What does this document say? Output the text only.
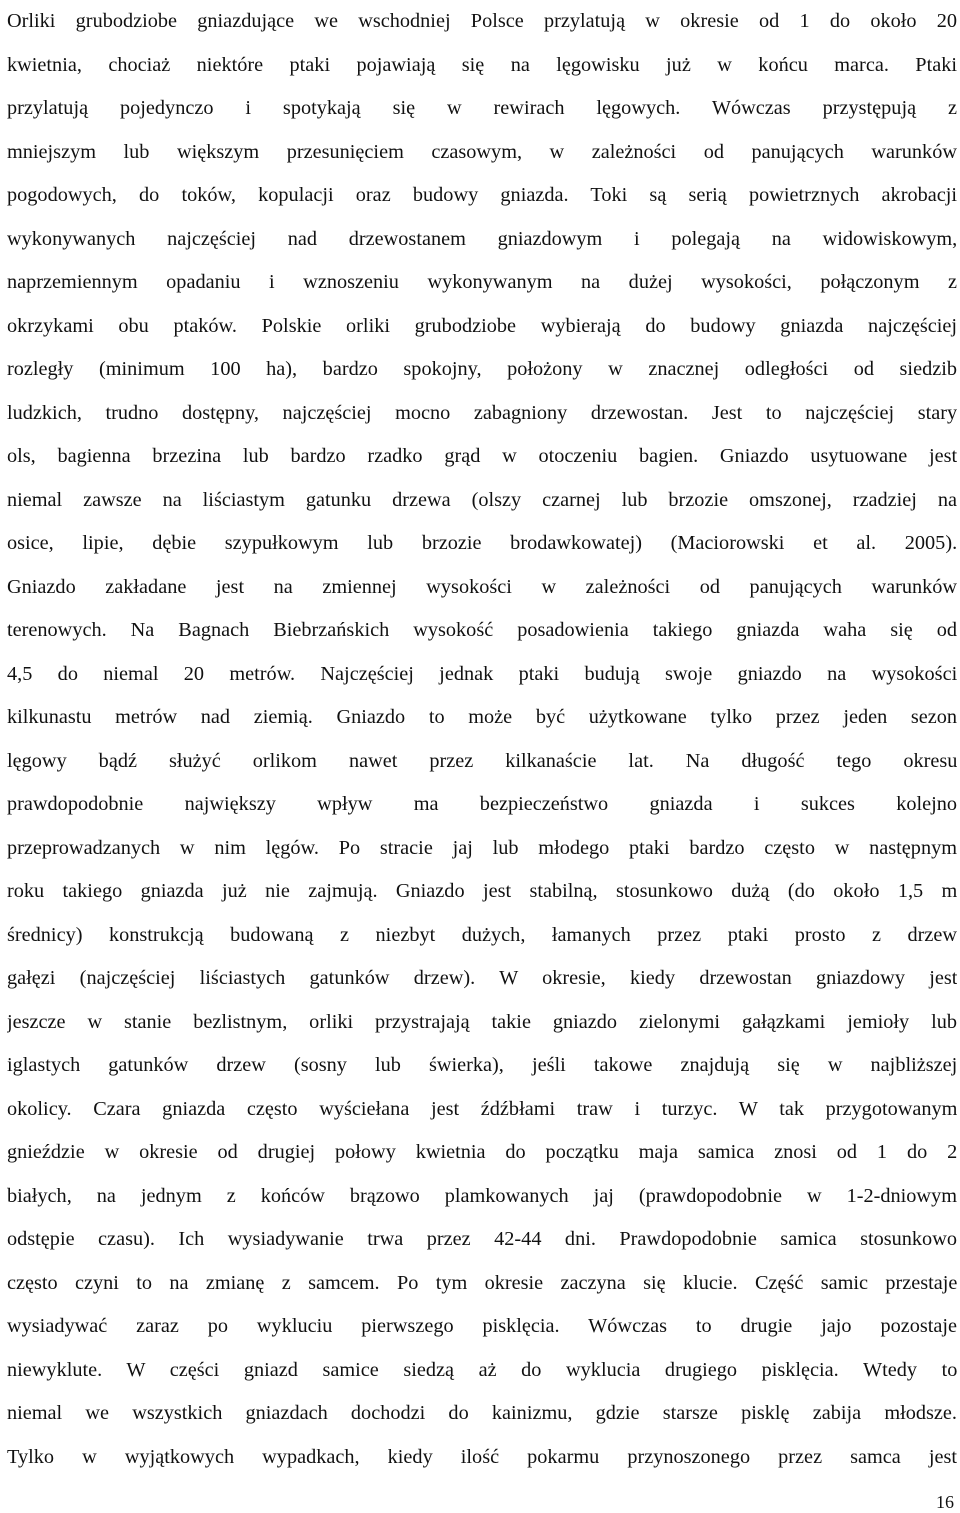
Orliki grubodziobe gniazdujące we wschodniej Polsce przylatują w okresie od 1 do około 20
kwietnia, chociaż niektóre ptaki pojawiają się na lęgowisku już w końcu marca. Ptaki
przylatują pojedynczo i spotykają się w rewirach lęgowych. Wówczas przystępują z
mniejszym lub większym przesunięciem czasowym, w zależności od panujących warunków
pogodowych, do toków, kopulacji oraz budowy gniazda. Toki są serią powietrznych akrobacji
wykonywanych najczęściej nad drzewostanem gniazdowym i polegają na widowiskowym,
naprzemiennym opadaniu i wznoszeniu wykonywanym na dużej wysokości, połączonym z
okrzykami obu ptaków. Polskie orliki grubodziobe wybierają do budowy gniazda najczęściej
rozległy (minimum 100 ha), bardzo spokojny, położony w znacznej odległości od siedzib
ludzkich, trudno dostępny, najczęściej mocno zabagniony drzewostan. Jest to najczęściej stary
ols, bagienna brzezina lub bardzo rzadko grąd w otoczeniu bagien. Gniazdo usytuowane jest
niemal zawsze na liściastym gatunku drzewa (olszy czarnej lub brzozie omszonej, rzadziej na
osice, lipie, dębie szypułkowym lub brzozie brodawkowatej) (Maciorowski et al. 2005).
Gniazdo zakładane jest na zmiennej wysokości w zależności od panujących warunków
terenowych. Na Bagnach Biebrzańskich wysokość posadowienia takiego gniazda waha się od
4,5 do niemal 20 metrów. Najczęściej jednak ptaki budują swoje gniazdo na wysokości
kilkunastu metrów nad ziemią. Gniazdo to może być użytkowane tylko przez jeden sezon
lęgowy bądź służyć orlikom nawet przez kilkanaście lat. Na długość tego okresu
prawdopodobnie największy wpływ ma bezpieczeństwo gniazda i sukces kolejno
przeprowadzanych w nim lęgów. Po stracie jaj lub młodego ptaki bardzo często w następnym
roku takiego gniazda już nie zajmują. Gniazdo jest stabilną, stosunkowo dużą (do około 1,5 m
średnicy) konstrukcją budowaną z niezbyt dużych, łamanych przez ptaki prosto z drzew
gałęzi (najczęściej liściastych gatunków drzew). W okresie, kiedy drzewostan gniazdowy jest
jeszcze w stanie bezlistnym, orliki przystrajają takie gniazdo zielonymi gałązkami jemioły lub
iglastych gatunków drzew (sosny lub świerka), jeśli takowe znajdują się w najbliższej
okolicy. Czara gniazda często wyściełana jest źdźbłami traw i turzyc. W tak przygotowanym
gnieździe w okresie od drugiej połowy kwietnia do początku maja samica znosi od 1 do 2
białych, na jednym z końców brązowo plamkowanych jaj (prawdopodobnie w 1-2-dniowym
odstępie czasu). Ich wysiadywanie trwa przez 42-44 dni. Prawdopodobnie samica stosunkowo
często czyni to na zmianę z samcem. Po tym okresie zaczyna się klucie. Część samic przestaje
wysiadywać zaraz po wykluciu pierwszego pisklęcia. Wówczas to drugie jajo pozostaje
niewyklute. W części gniazd samice siedzą aż do wyklucia drugiego pisklęcia. Wtedy to
niemal we wszystkich gniazdach dochodzi do kainizmu, gdzie starsze pisklę zabija młodsze.
Tylko w wyjątkowych wypadkach, kiedy ilość pokarmu przynoszonego przez samca jest
16
